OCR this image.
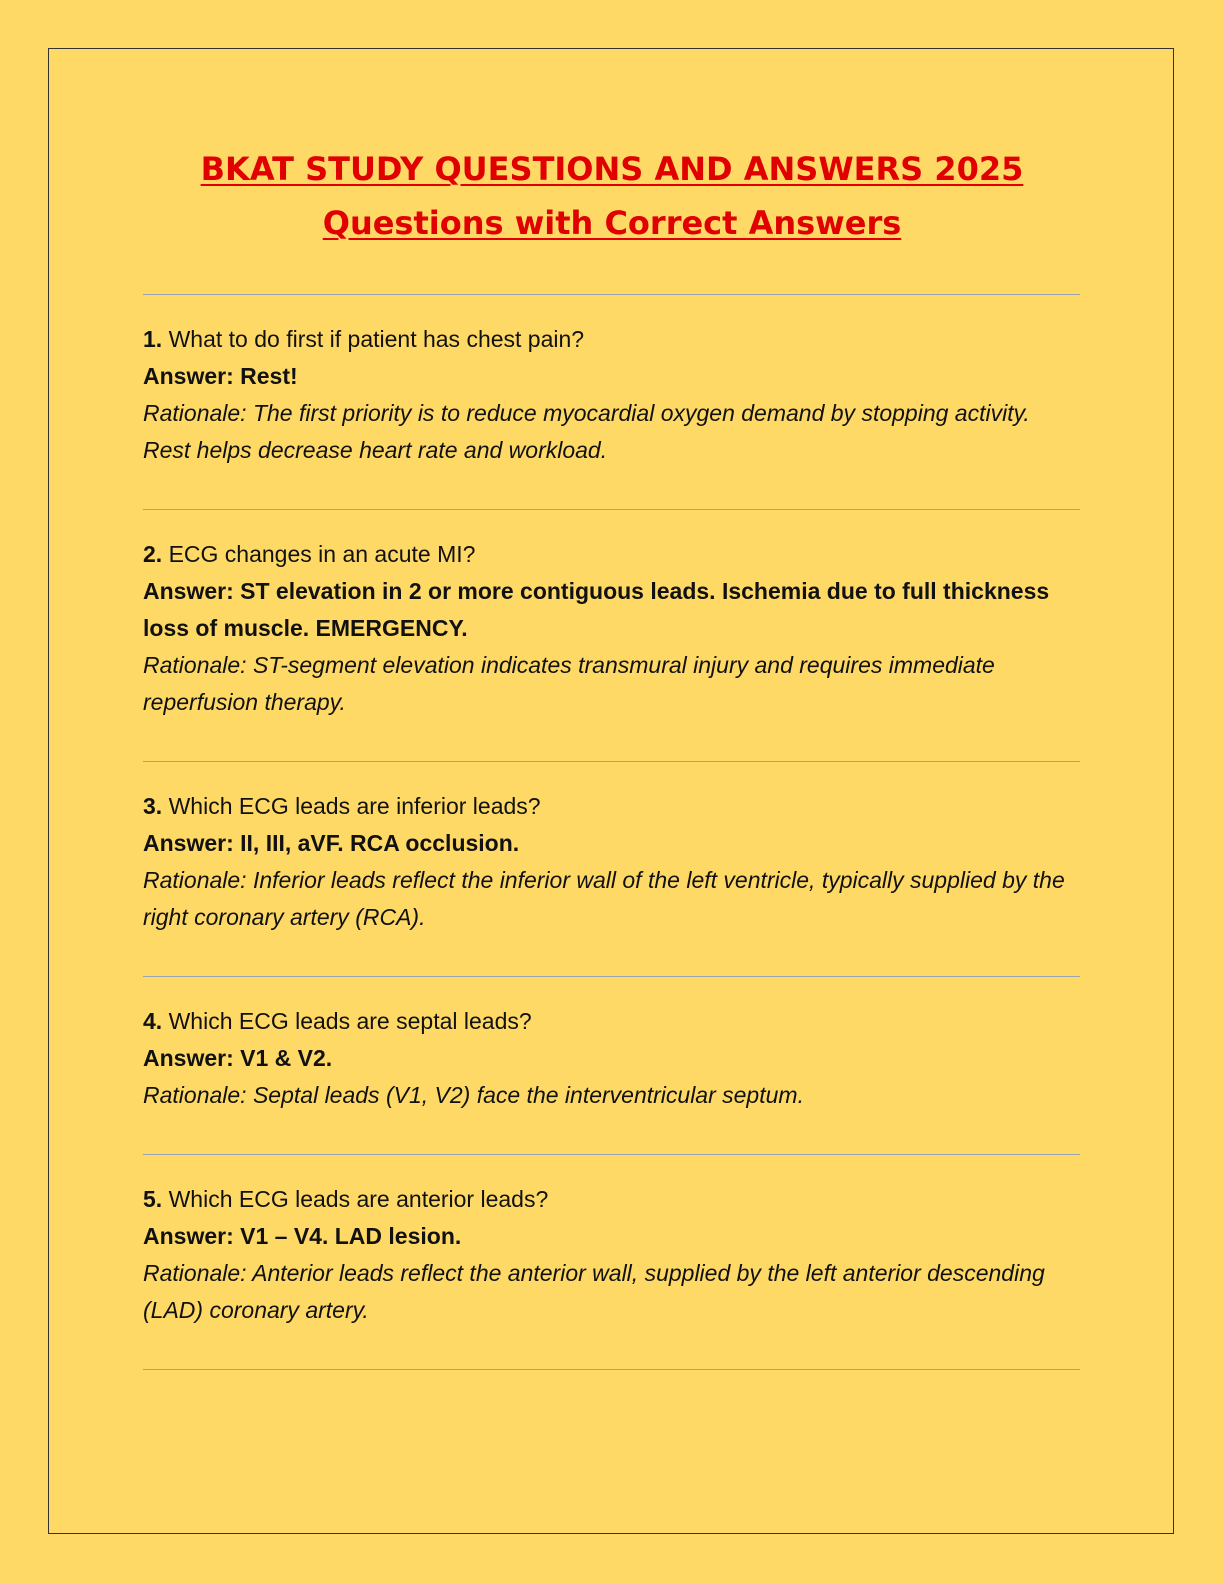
BKAT STUDY QUESTIONS AND ANSWERS 2025

Questions with Correct Answers

1. What to do first if patient has chest pain?

Answer: Rest!

Rationale: The first priority is to reduce myocardial oxygen demand by stopping activity. Rest helps decrease heart rate and workload.

2. ECG changes in an acute MI?

Answer: ST elevation in 2 or more contiguous leads. Ischemia due to full thickness loss of muscle. EMERGENCY.

Rationale: ST-segment elevation indicates transmural injury and requires immediate reperfusion therapy.

3. Which ECG leads are inferior leads?

Answer: II, III, aVF. RCA occlusion.

Rationale: Inferior leads reflect the inferior wall of the left ventricle, typically supplied by the right coronary artery (RCA).

4. Which ECG leads are septal leads?

Answer: V1 & V2.

Rationale: Septal leads (V1, V2) face the interventricular septum.

5. Which ECG leads are anterior leads?

Answer: V1 – V4. LAD lesion.

Rationale: Anterior leads reflect the anterior wall, supplied by the left anterior descending (LAD) coronary artery.
